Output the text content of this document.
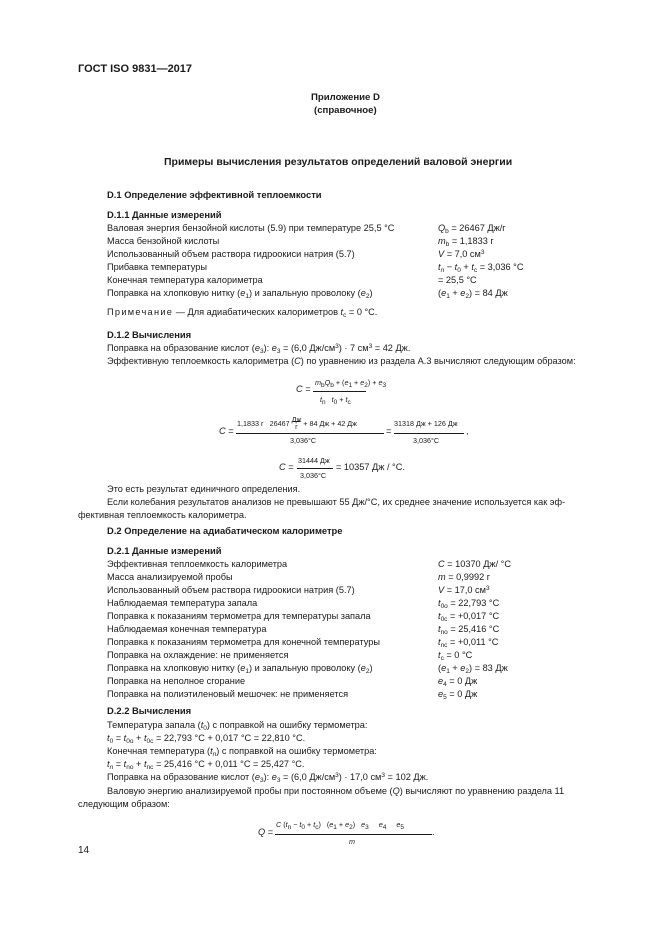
ГОСТ ISO 9831—2017
Приложение D
(справочное)
Примеры вычисления результатов определений валовой энергии
D.1 Определение эффективной теплоемкости
D.1.1 Данные измерений
Валовая энергия бензойной кислоты (5.9) при температуре 25,5 °C	$Q_b = 26467$ Дж/г
Масса бензойной кислоты	$m_b = 1,1833$ г
Использованный объем раствора гидроокиси натрия (5.7)	V = 7,0 $см^3$
Прибавка температуры	$t_n - t_0 + t_c = 3,036$ °C
Конечная температура калориметра	= 25,5 °C
Поправка на хлопковую нитку $(e_1)$ и запальную проволоку $(e_2)$	$(e_1 + e_2) = 84$ Дж
Примечание — Для адиабатических калориметров $t_c = 0$ °C.
D.1.2 Вычисления
Поправка на образование кислот $(e_3)$: $e_3 = (6,0$ $Дж/см^3) \cdot 7$ $см^3 = 42$ Дж.
Эффективную теплоемкость калориметра (C) по уравнению из раздела А.3 вычисляют следующим образом:
C =
$m_bQ_b + (e_1 + e_2) + e_3$
$t_n$ $t_0 + t_c$
C =
1,1833 г   26467 Дж
г  + 84 Дж + 42 Дж
3,036°C
=
31318 Дж + 126 Дж
3,036°C
,
C =
31444 Дж
3,036°C
= 10357 Дж / °C.
Это есть результат единичного определения.
Если колебания результатов анализов не превышают 55 Дж/°C, их среднее значение используется как эф-
фективная теплоемкость калориметра.
D.2 Определение на адиабатическом калориметре
D.2.1 Данные измерений
Эффективная теплоемкость калориметра	C = 10370 Дж/ °C
Масса анализируемой пробы	m = 0,9992 г
Использованный объем раствора гидроокиси натрия (5.7)	V = 17,0 $см^3$
Наблюдаемая температура запала	$t_{0o} = 22,793$ °C
Поправка к показаниям термометра для температуры запала	$t_{0c} = +0,017$ °C
Наблюдаемая конечная температура	$t_{no} = 25,416$ °C
Поправка к показаниям термометра для конечной температуры	$t_{nc} = +0,011$ °C
Поправка на охлаждение: не применяется	$t_c = 0$ °C
Поправка на хлопковую нитку $(e_1)$ и запальную проволоку $(e_2)$	$(e_1 + e_2) = 83$ Дж
Поправка на неполное сгорание	$e_4 = 0$ Дж
Поправка на полиэтиленовый мешочек: не применяется	$e_5 = 0$ Дж
D.2.2 Вычисления
Температура запала $(t_0)$ с поправкой на ошибку термометра:
$t_0 = t_{0o} + t_{0c} = 22,793$ °C + 0,017 °C = 22,810 °C.
Конечная температура $(t_n)$ с поправкой на ошибку термометра:
$t_n = t_{no} + t_{nc} = 25,416$ °C + 0,011 °C = 25,427 °C.
Поправка на образование кислот $(e_3)$: $e_3 = (6,0$ $Дж/см^3) \cdot 17,0$ $см^3 = 102$ Дж.
Валовую энергию анализируемой пробы при постоянном объеме (Q) вычисляют по уравнению раздела 11
следующим образом:
Q =
C $(t_n - t_0 + t_c) (e_1 + e_2)$   $e_3$ $e_4$ $e_5$
m
.
14
